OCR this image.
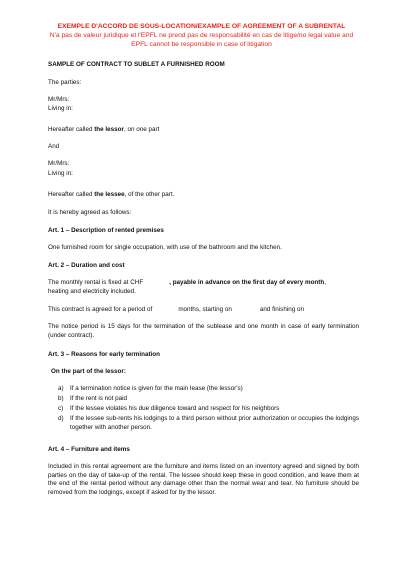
EXEMPLE D'ACCORD DE SOUS-LOCATION/EXAMPLE OF AGREEMENT OF A SUBRENTAL
N'a pas de valeur juridique et l'EPFL ne prend pas de responsabilité en cas de litige/no legal value and
EPFL cannot be responsible in case of litigation
SAMPLE OF CONTRACT TO SUBLET A FURNISHED ROOM
The parties:
Mr/Mrs:
Living in:
Hereafter called the lessor, on one part
And
Mr/Mrs:
Living in:
Hereafter called the lessee, of the other part.
It is hereby agreed as follows:
Art. 1 – Description of rented premises
One furnished room for single occupation, with use of the bathroom and the kitchen.
Art. 2 – Duration and cost
The monthly rental is fixed at CHF	, payable in advance on the first day of every month,
heating and electricity included.
This contract is agreed for a period of	months, starting on	and finishing on
The notice period is 15 days for the termination of the sublease and one month in case of early termination (under contract).
Art. 3 – Reasons for early termination
On the part of the lessor:
a) If a termination notice is given for the main lease (the lessor's)
b) If the rent is not paid
c) If the lessee violates his due diligence toward and respect for his neighbors
d)	If the lessee sub-rents his lodgings to a third person without prior authorization or occupies the lodgings together with another person.
Art. 4 – Furniture and items
Included in this rental agreement are the furniture and items listed on an inventory agreed and signed by both parties on the day of take-up of the rental. The lessee should keep these in good condition, and leave them at the end of the rental period without any damage other than the normal wear and tear. No furniture should be removed from the lodgings, except if asked for by the lessor.
